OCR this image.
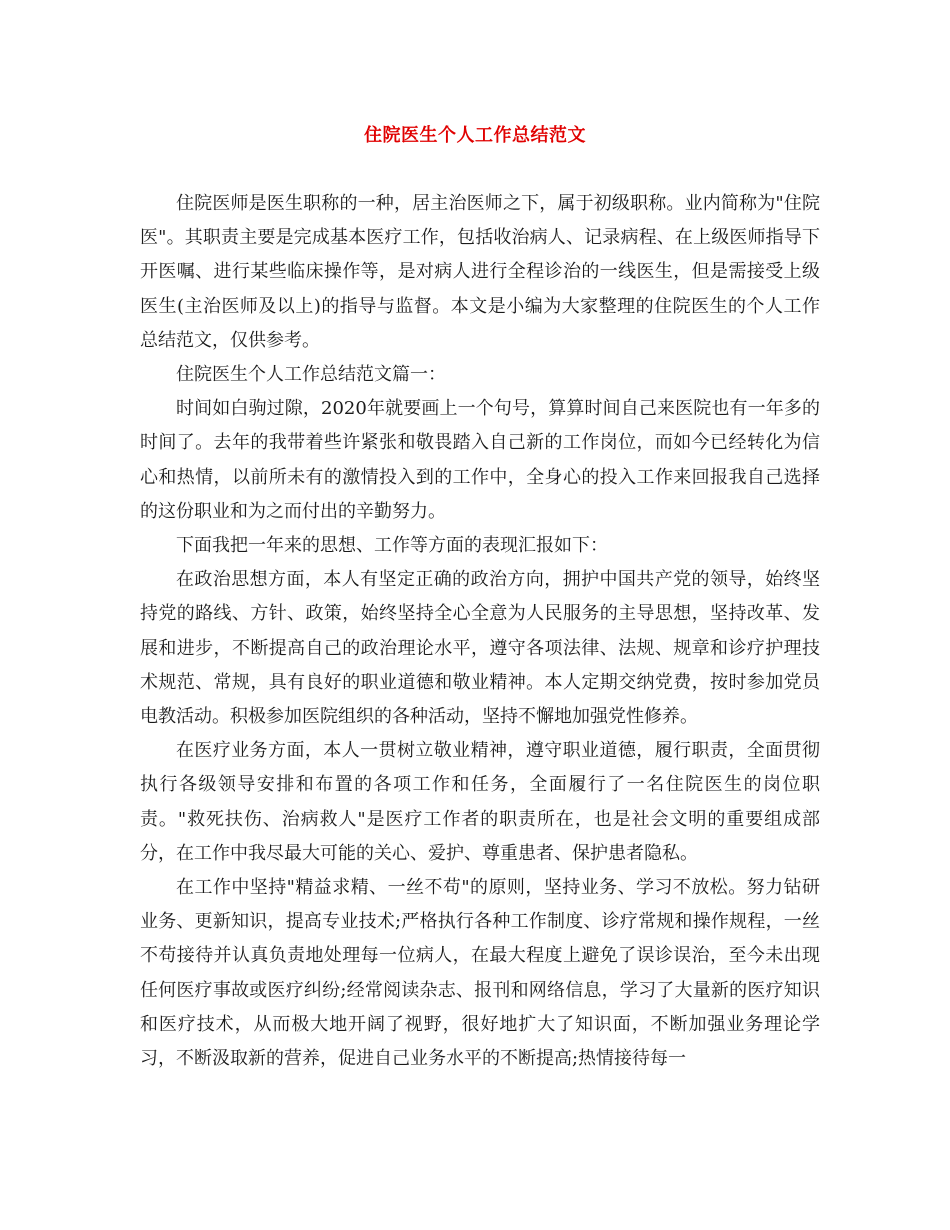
住院医生个人工作总结范文

住院医师是医生职称的一种，居主治医师之下，属于初级职称。业内简称为"住院医"。其职责主要是完成基本医疗工作，包括收治病人、记录病程、在上级医师指导下开医嘱、进行某些临床操作等，是对病人进行全程诊治的一线医生，但是需接受上级医生(主治医师及以上)的指导与监督。本文是小编为大家整理的住院医生的个人工作总结范文，仅供参考。

住院医生个人工作总结范文篇一：

时间如白驹过隙，2020年就要画上一个句号，算算时间自己来医院也有一年多的时间了。去年的我带着些许紧张和敬畏踏入自己新的工作岗位，而如今已经转化为信心和热情，以前所未有的激情投入到的工作中，全身心的投入工作来回报我自己选择的这份职业和为之而付出的辛勤努力。

下面我把一年来的思想、工作等方面的表现汇报如下：

在政治思想方面，本人有坚定正确的政治方向，拥护中国共产党的领导，始终坚持党的路线、方针、政策，始终坚持全心全意为人民服务的主导思想，坚持改革、发展和进步，不断提高自己的政治理论水平，遵守各项法律、法规、规章和诊疗护理技术规范、常规，具有良好的职业道德和敬业精神。本人定期交纳党费，按时参加党员电教活动。积极参加医院组织的各种活动，坚持不懈地加强党性修养。

在医疗业务方面，本人一贯树立敬业精神，遵守职业道德，履行职责，全面贯彻执行各级领导安排和布置的各项工作和任务，全面履行了一名住院医生的岗位职责。"救死扶伤、治病救人"是医疗工作者的职责所在，也是社会文明的重要组成部分，在工作中我尽最大可能的关心、爱护、尊重患者、保护患者隐私。

在工作中坚持"精益求精、一丝不苟"的原则，坚持业务、学习不放松。努力钻研业务、更新知识，提高专业技术;严格执行各种工作制度、诊疗常规和操作规程，一丝不苟接待并认真负责地处理每一位病人，在最大程度上避免了误诊误治，至今未出现任何医疗事故或医疗纠纷;经常阅读杂志、报刊和网络信息，学习了大量新的医疗知识和医疗技术，从而极大地开阔了视野，很好地扩大了知识面，不断加强业务理论学习，不断汲取新的营养，促进自己业务水平的不断提高;热情接待每一
